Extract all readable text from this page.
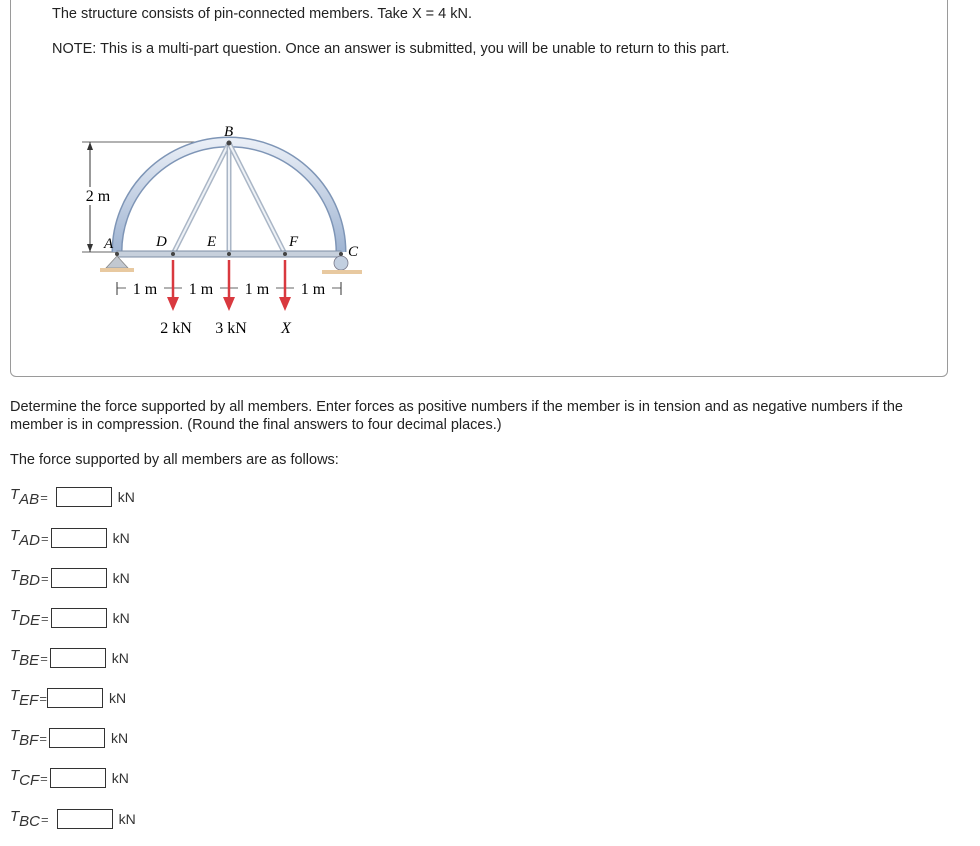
The structure consists of pin-connected members. Take X = 4 kN.
NOTE: This is a multi-part question. Once an answer is submitted, you will be unable to return to this part.
2 m
A
B
C
D	E	F
1 m 1 m 1 m 1 m
2 kN 3 kN X
Determine the force supported by all members. Enter forces as positive numbers if the member is in tension and as negative numbers if the member is in compression. (Round the final answers to four decimal places.)
The force supported by all members are as follows:
$T_{AB}$ =	kN
$T_{AD}$ =	kN
$T_{BD}$ =	kN
$T_{DE}$ =	kN
$T_{BE}$ =	kN
$T_{EF}$ =	kN
$T_{BF}$ =	kN
$T_{CF}$ =	kN
$T_{BC}$ =	kN
